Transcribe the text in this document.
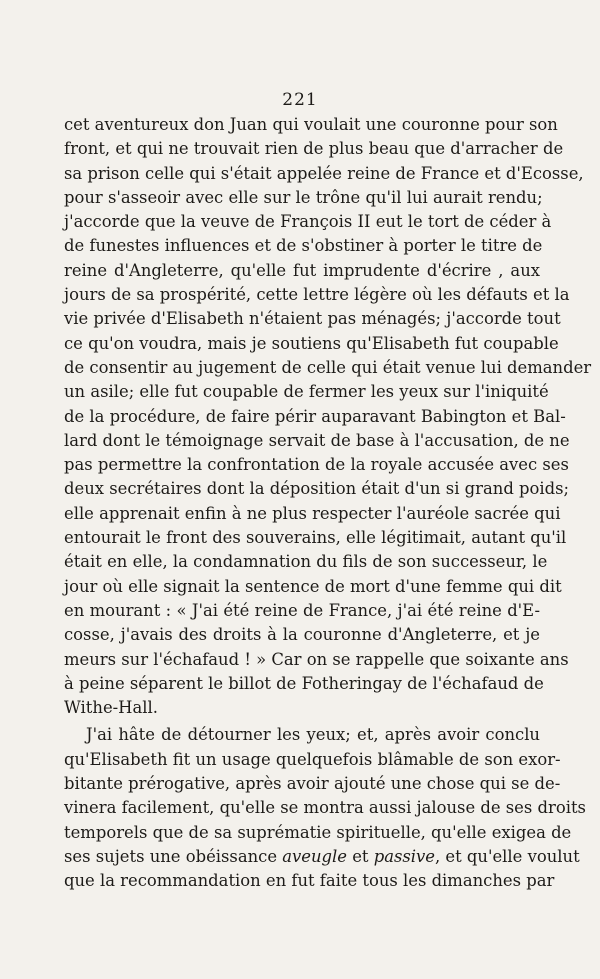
221
cet aventureux don Juan qui voulait une couronne pour son
front, et qui ne trouvait rien de plus beau que d'arracher de
sa prison celle qui s'était appelée reine de France et d'Ecosse,
pour s'asseoir avec elle sur le trône qu'il lui aurait rendu;
j'accorde que la veuve de François II eut le tort de céder à
de funestes influences et de s'obstiner à porter le titre de
reine d'Angleterre, qu'elle fut imprudente d'écrire , aux
jours de sa prospérité, cette lettre légère où les défauts et la
vie privée d'Elisabeth n'étaient pas ménagés; j'accorde tout
ce qu'on voudra, mais je soutiens qu'Elisabeth fut coupable
de consentir au jugement de celle qui était venue lui demander
un asile; elle fut coupable de fermer les yeux sur l'iniquité
de la procédure, de faire périr auparavant Babington et Bal-
lard dont le témoignage servait de base à l'accusation, de ne
pas permettre la confrontation de la royale accusée avec ses
deux secrétaires dont la déposition était d'un si grand poids;
elle apprenait enfin à ne plus respecter l'auréole sacrée qui
entourait le front des souverains, elle légitimait, autant qu'il
était en elle, la condamnation du fils de son successeur, le
jour où elle signait la sentence de mort d'une femme qui dit
en mourant : « J'ai été reine de France, j'ai été reine d'E-
cosse, j'avais des droits à la couronne d'Angleterre, et je
meurs sur l'échafaud ! » Car on se rappelle que soixante ans
à peine séparent le billot de Fotheringay de l'échafaud de
Withe-Hall.
J'ai hâte de détourner les yeux; et, après avoir conclu
qu'Elisabeth fit un usage quelquefois blâmable de son exor-
bitante prérogative, après avoir ajouté une chose qui se de-
vinera facilement, qu'elle se montra aussi jalouse de ses droits
temporels que de sa suprématie spirituelle, qu'elle exigea de
ses sujets une obéissance aveugle et passive, et qu'elle voulut
que la recommandation en fut faite tous les dimanches par
